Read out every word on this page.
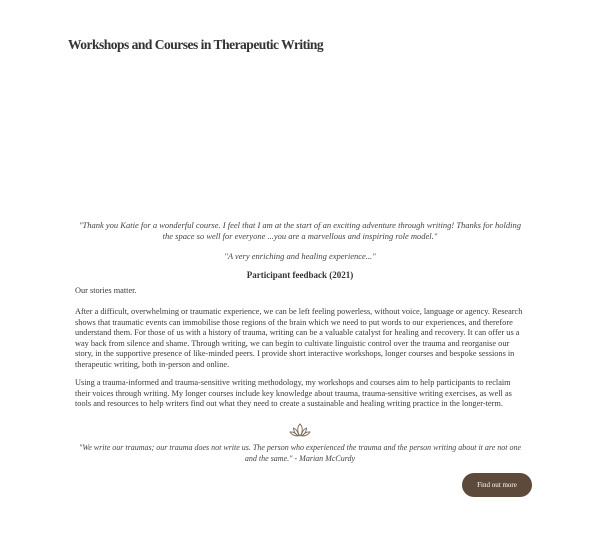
Workshops and Courses in Therapeutic Writing

"Thank you Katie for a wonderful course. I feel that I am at the start of an exciting adventure through writing! Thanks for holding the space so well for everyone ...you are a marvellous and inspiring role model."

"A very enriching and healing experience..."

Participant feedback (2021)

Our stories matter.

After a difficult, overwhelming or traumatic experience, we can be left feeling powerless, without voice, language or agency. Research shows that traumatic events can immobilise those regions of the brain which we need to put words to our experiences, and therefore understand them. For those of us with a history of trauma, writing can be a valuable catalyst for healing and recovery. It can offer us a way back from silence and shame. Through writing, we can begin to cultivate linguistic control over the trauma and reorganise our story, in the supportive presence of like-minded peers. I provide short interactive workshops, longer courses and bespoke sessions in therapeutic writing, both in-person and online.

Using a trauma-informed and trauma-sensitive writing methodology, my workshops and courses aim to help participants to reclaim their voices through writing. My longer courses include key knowledge about trauma, trauma-sensitive writing exercises, as well as tools and resources to help writers find out what they need to create a sustainable and healing writing practice in the longer-term.

"We write our traumas; our trauma does not write us. The person who experienced the trauma and the person writing about it are not one and the same." - Marian McCurdy

Find out more
